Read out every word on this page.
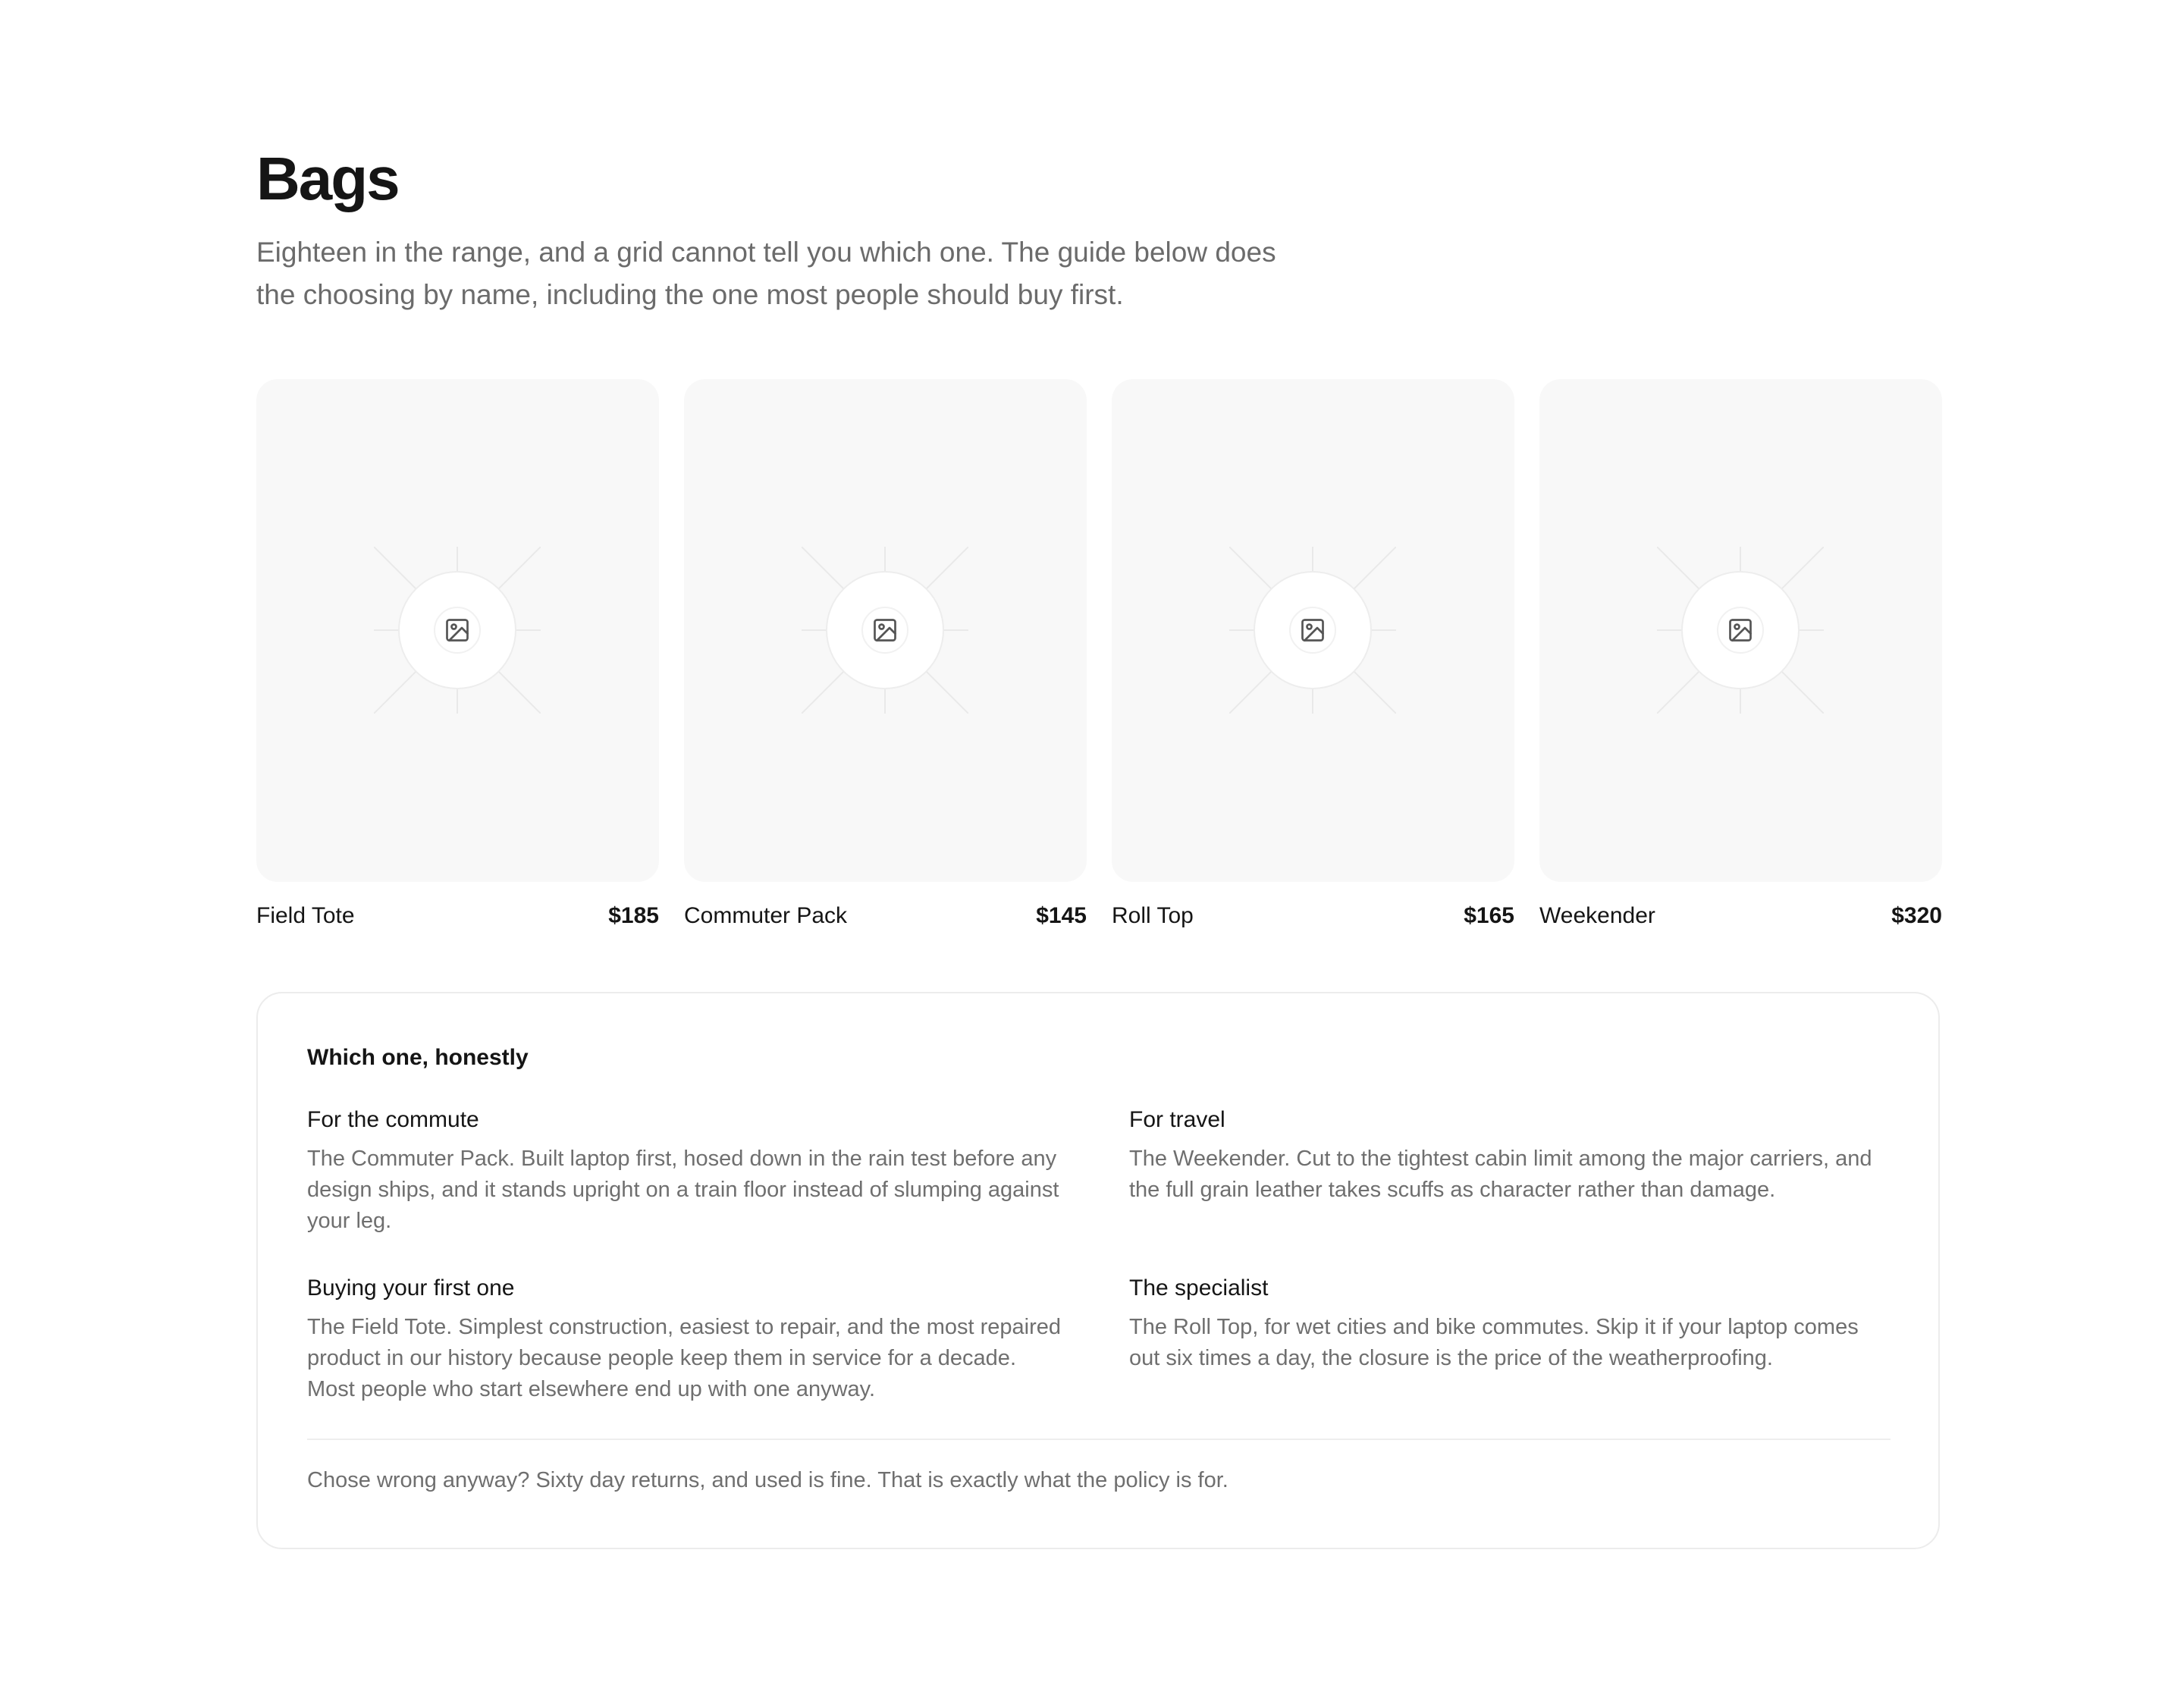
Bags

Eighteen in the range, and a grid cannot tell you which one. The guide below does the choosing by name, including the one most people should buy first.

Field Tote	$185 Commuter Pack	$145 Roll Top	$165 Weekender	$320
Which one, honestly
For the commute

The Commuter Pack. Built laptop first, hosed down in the rain test before any design ships, and it stands upright on a train floor instead of slumping against your leg.

For travel

The Weekender. Cut to the tightest cabin limit among the major carriers, and the full grain leather takes scuffs as character rather than damage.

Buying your first one

The Field Tote. Simplest construction, easiest to repair, and the most repaired product in our history because people keep them in service for a decade. Most people who start elsewhere end up with one anyway.

The specialist

The Roll Top, for wet cities and bike commutes. Skip it if your laptop comes out six times a day, the closure is the price of the weatherproofing.

Chose wrong anyway? Sixty day returns, and used is fine. That is exactly what the policy is for.
